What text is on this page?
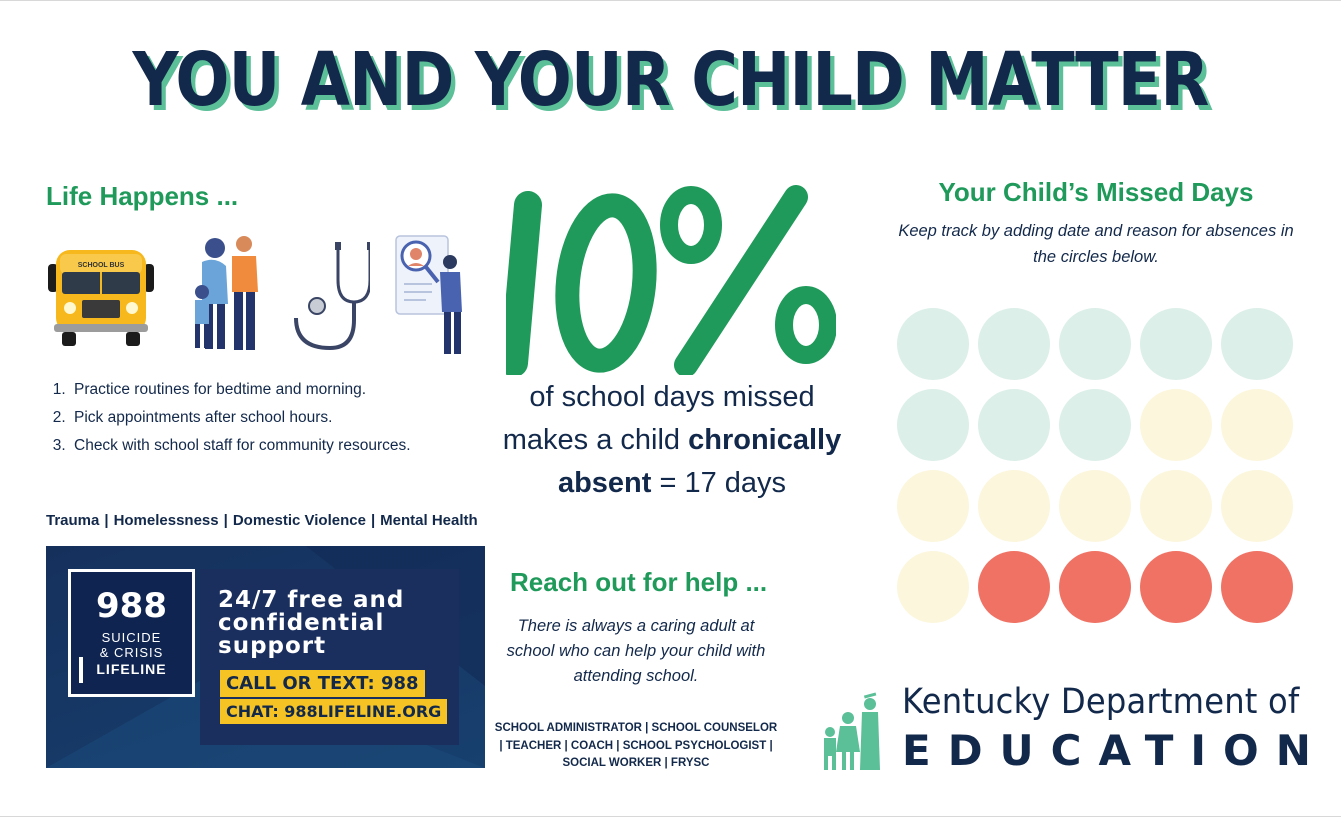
YOU AND YOUR CHILD MATTER
Life Happens ...
SCHOOL BUS
1. Practice routines for bedtime and morning.
2. Pick appointments after school hours.
3. Check with school staff for community resources.
Trauma | Homelessness | Domestic Violence | Mental Health
988
SUICIDE
& CRISIS
LIFELINE
24/7 free and
confidential
support
CALL OR TEXT: 988
CHAT: 988LIFELINE.ORG
of school days missed
makes a child chronically
absent = 17 days
Reach out for help ...
There is always a caring adult at school who can help your child with attending school.
SCHOOL ADMINISTRATOR | SCHOOL COUNSELOR | TEACHER | COACH | SCHOOL PSYCHOLOGIST | SOCIAL WORKER | FRYSC
Your Child’s Missed Days
Keep track by adding date and reason for absences in the circles below.
Kentucky Department of
EDUCATION
